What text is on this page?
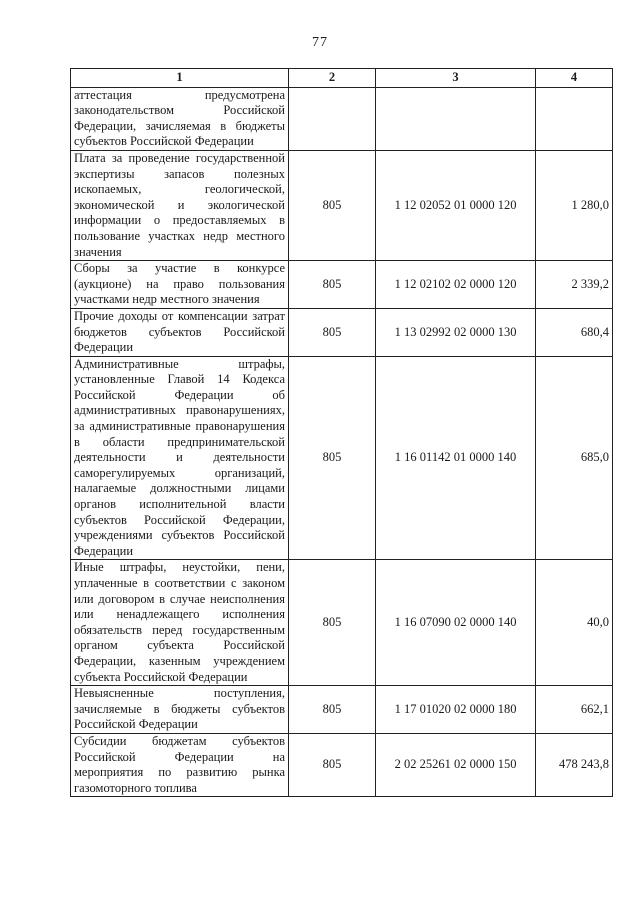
77
1	2	3	4
аттестация предусмотрена законодательством Российской Федерации, зачисляемая в бюджеты субъектов Российской Федерации			
Плата за проведение государственной экспертизы запасов полезных ископаемых, геологической, экономической и экологической информации о предоставляемых в пользование участках недр местного значения	805	1 12 02052 01 0000 120	1 280,0
Сборы за участие в конкурсе (аукционе) на право пользования участками недр местного значения	805	1 12 02102 02 0000 120	2 339,2
Прочие доходы от компенсации затрат бюджетов субъектов Российской Федерации	805	1 13 02992 02 0000 130	680,4
Административные штрафы, установленные Главой 14 Кодекса Российской Федерации об административных правонарушениях, за административные правонарушения в области предпринимательской деятельности и деятельности саморегулируемых организаций, налагаемые должностными лицами органов исполнительной власти субъектов Российской Федерации, учреждениями субъектов Российской Федерации	805	1 16 01142 01 0000 140	685,0
Иные штрафы, неустойки, пени, уплаченные в соответствии с законом или договором в случае неисполнения или ненадлежащего исполнения обязательств перед государственным органом субъекта Российской Федерации, казенным учреждением субъекта Российской Федерации	805	1 16 07090 02 0000 140	40,0
Невыясненные поступления, зачисляемые в бюджеты субъектов Российской Федерации	805	1 17 01020 02 0000 180	662,1
Субсидии бюджетам субъектов Российской Федерации на мероприятия по развитию рынка газомоторного топлива	805	2 02 25261 02 0000 150	478 243,8
